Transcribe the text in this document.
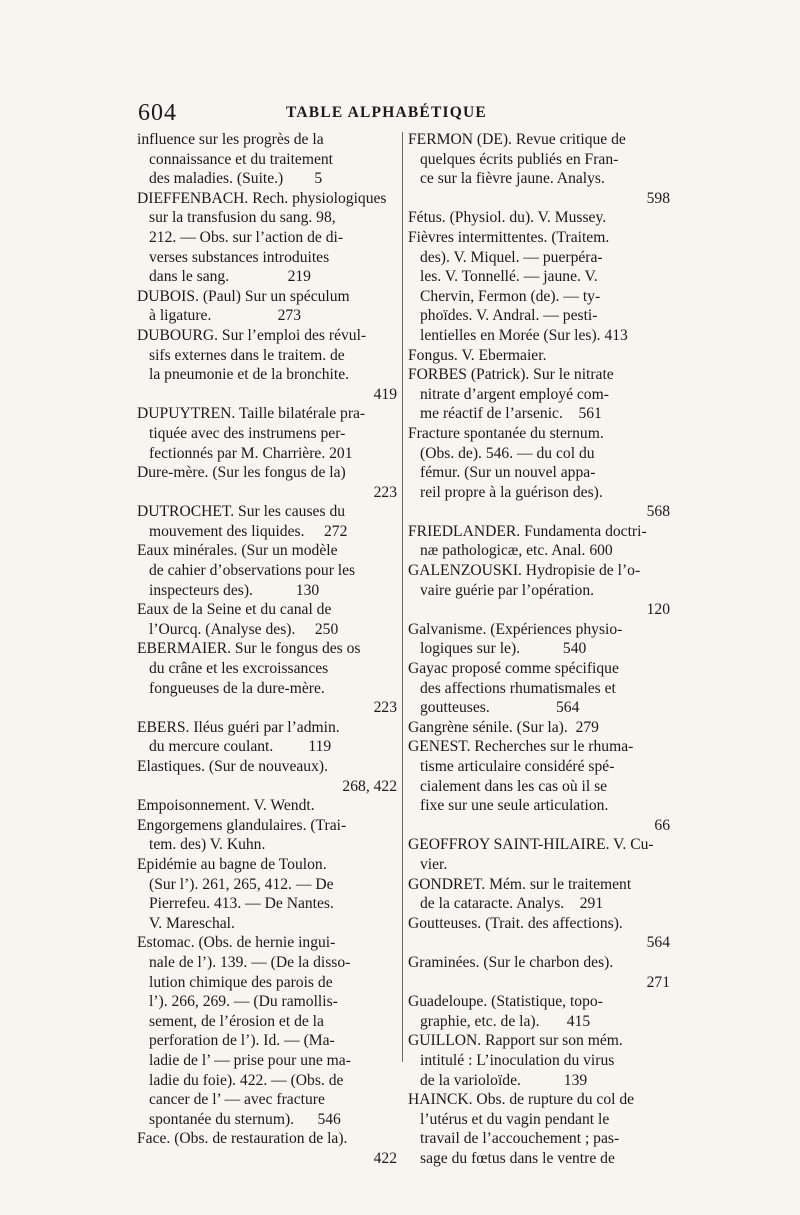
604	TABLE ALPHABÉTIQUE
influence sur les progrès de la
connaissance et du traitement
des maladies. (Suite.)        5
DIEFFENBACH. Rech. physiologiques
sur la transfusion du sang. 98,
212. — Obs. sur l’action de di-
verses substances introduites
dans le sang.               219
DUBOIS. (Paul) Sur un spéculum
à ligature.                 273
DUBOURG. Sur l’emploi des révul-
sifs externes dans le traitem. de
la pneumonie et de la bronchite.
419
DUPUYTREN. Taille bilatérale pra-
tiquée avec des instrumens per-
fectionnés par M. Charrière. 201
Dure-mère. (Sur les fongus de la)
223
DUTROCHET. Sur les causes du
mouvement des liquides.     272
Eaux minérales. (Sur un modèle
de cahier d’observations pour les
inspecteurs des).           130
Eaux de la Seine et du canal de
l’Ourcq. (Analyse des).     250
EBERMAIER. Sur le fongus des os
du crâne et les excroissances
fongueuses de la dure-mère.
223
EBERS. Iléus guéri par l’admin.
du mercure coulant.         119
Elastiques. (Sur de nouveaux).
268, 422
Empoisonnement. V. Wendt.
Engorgemens glandulaires. (Trai-
tem. des) V. Kuhn.
Epidémie au bagne de Toulon.
(Sur l’). 261, 265, 412. — De
Pierrefeu. 413. — De Nantes.
V. Mareschal.
Estomac. (Obs. de hernie ingui-
nale de l’). 139. — (De la disso-
lution chimique des parois de
l’). 266, 269. — (Du ramollis-
sement, de l’érosion et de la
perforation de l’). Id. — (Ma-
ladie de l’ — prise pour une ma-
ladie du foie). 422. — (Obs. de
cancer de l’ — avec fracture
spontanée du sternum).      546
Face. (Obs. de restauration de la).
422
FERMON (DE). Revue critique de
quelques écrits publiés en Fran-
ce sur la fièvre jaune. Analys.
598
Fétus. (Physiol. du). V. Mussey.
Fièvres intermittentes. (Traitem.
des). V. Miquel. — puerpéra-
les. V. Tonnellé. — jaune. V.
Chervin, Fermon (de). — ty-
phoïdes. V. Andral. — pesti-
lentielles en Morée (Sur les). 413
Fongus. V. Ebermaier.
FORBES (Patrick). Sur le nitrate
nitrate d’argent employé com-
me réactif de l’arsenic.    561
Fracture spontanée du sternum.
(Obs. de). 546. — du col du
fémur. (Sur un nouvel appa-
reil propre à la guérison des).
568
FRIEDLANDER. Fundamenta doctri-
næ pathologicæ, etc. Anal. 600
GALENZOUSKI. Hydropisie de l’o-
vaire guérie par l’opération.
120
Galvanisme. (Expériences physio-
logiques sur le).           540
Gayac proposé comme spécifique
des affections rhumatismales et
goutteuses.                 564
Gangrène sénile. (Sur la).  279
GENEST. Recherches sur le rhuma-
tisme articulaire considéré spé-
cialement dans les cas où il se
fixe sur une seule articulation.
66
GEOFFROY SAINT-HILAIRE. V. Cu-
vier.
GONDRET. Mém. sur le traitement
de la cataracte. Analys.    291
Goutteuses. (Trait. des affections).
564
Graminées. (Sur le charbon des).
271
Guadeloupe. (Statistique, topo-
graphie, etc. de la).       415
GUILLON. Rapport sur son mém.
intitulé : L’inoculation du virus
de la varioloïde.           139
HAINCK. Obs. de rupture du col de
l’utérus et du vagin pendant le
travail de l’accouchement ; pas-
sage du fœtus dans le ventre de
